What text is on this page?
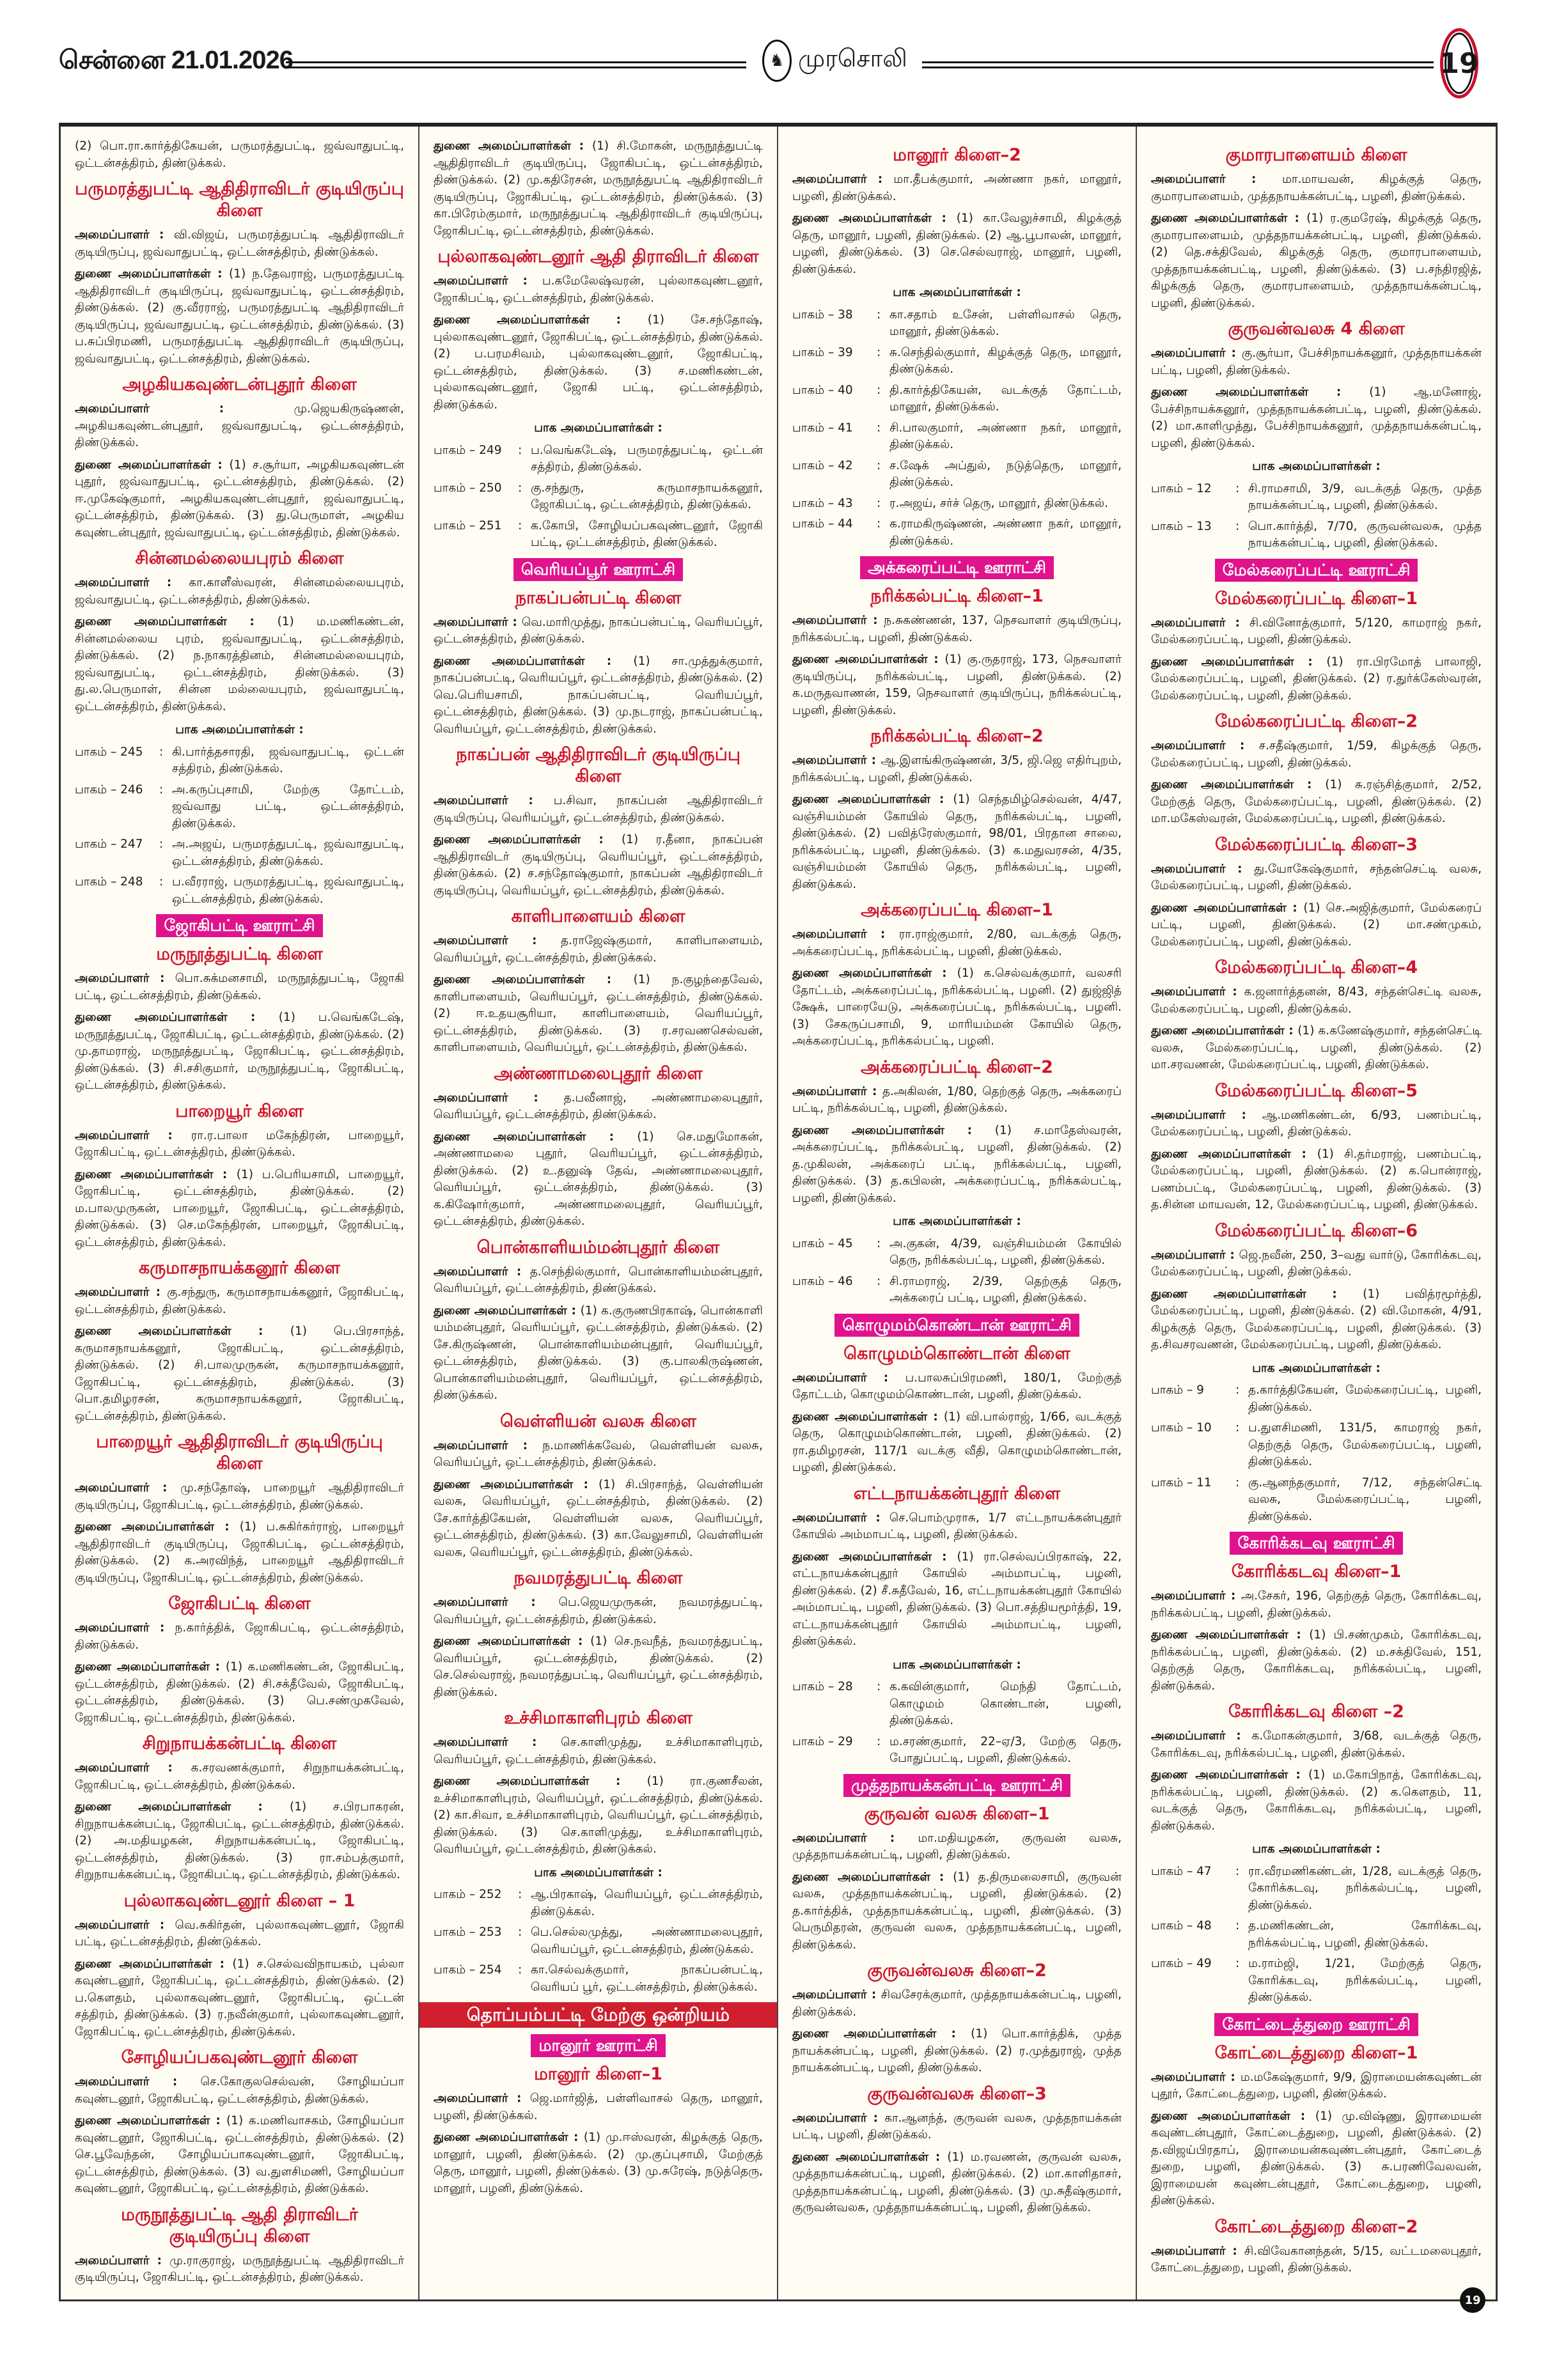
சென்னை 21.01.2026	♞ முரசொலி	19

(2) பொ.ரா.கார்த்திகேயன், பருமரத்துபட்டி, ஜவ்வாதுபட்டி, ஒட்டன்சத்திரம், திண்டுக்கல்.

பருமரத்துபட்டி ஆதிதிராவிடர் குடியிருப்பு கிளை

அமைப்பாளர் : வி.விஜய், பருமரத்துபட்டி ஆதிதிராவிடர் குடியிருப்பு, ஜவ்வாதுபட்டி, ஒட்டன்சத்திரம், திண்டுக்கல்.

துணை அமைப்பாளர்கள் : (1) ந.தேவராஜ், பருமரத்துபட்டி ஆதிதிராவிடர் குடியிருப்பு, ஜவ்வாதுபட்டி, ஒட்டன்சத்திரம், திண்டுக்கல். (2) கு.வீரராஜ், பருமரத்துபட்டி ஆதிதிராவிடர் குடியிருப்பு, ஜவ்வாதுபட்டி, ஒட்டன்சத்திரம், திண்டுக்கல். (3) ப.சுப்பிரமணி, பருமரத்துபட்டி ஆதிதிராவிடர் குடியிருப்பு, ஜவ்வாதுபட்டி, ஒட்டன்சத்திரம், திண்டுக்கல்.

அழகியகவுண்டன்புதூர் கிளை

அமைப்பாளர் : மு.ஜெயகிருஷ்ணன், அழகியகவுண்டன்புதூர், ஜவ்வாதுபட்டி, ஒட்டன்சத்திரம், திண்டுக்கல்.

துணை அமைப்பாளர்கள் : (1) ச.சூர்யா, அழகியகவுண்டன் புதூர், ஜவ்வாதுபட்டி, ஒட்டன்சத்திரம், திண்டுக்கல். (2) ஈ.முகேஷ்குமார், அழகியகவுண்டன்புதூர், ஜவ்வாதுபட்டி, ஒட்டன்சத்திரம், திண்டுக்கல். (3) து.பெருமாள், அழகிய கவுண்டன்புதூர், ஜவ்வாதுபட்டி, ஒட்டன்சத்திரம், திண்டுக்கல்.

சின்னமல்லையபுரம் கிளை

அமைப்பாளர் : கா.காளீஸ்வரன், சின்னமல்லையபுரம், ஜவ்வாதுபட்டி, ஒட்டன்சத்திரம், திண்டுக்கல்.

துணை அமைப்பாளர்கள் : (1) ம.மணிகண்டன், சின்னமல்லைய புரம், ஜவ்வாதுபட்டி, ஒட்டன்சத்திரம், திண்டுக்கல். (2) ந.நாகரத்தினம், சின்னமல்லையபுரம், ஜவ்வாதுபட்டி, ஒட்டன்சத்திரம், திண்டுக்கல். (3) து.ல.பெருமாள், சின்ன மல்லையபுரம், ஜவ்வாதுபட்டி, ஒட்டன்சத்திரம், திண்டுக்கல்.

பாக அமைப்பாளர்கள் :
பாகம் – 245	: கி.பார்த்தசாரதி, ஜவ்வாதுபட்டி, ஒட்டன் சத்திரம், திண்டுக்கல்.
பாகம் – 246	: அ.கருப்புசாமி, மேற்கு தோட்டம், ஜவ்வாது பட்டி, ஒட்டன்சத்திரம், திண்டுக்கல்.
பாகம் – 247	: அ.அஜய், பருமரத்துபட்டி, ஜவ்வாதுபட்டி, ஒட்டன்சத்திரம், திண்டுக்கல்.
பாகம் – 248	: ப.வீரராஜ், பருமரத்துபட்டி, ஜவ்வாதுபட்டி, ஒட்டன்சத்திரம், திண்டுக்கல்.
ஜோகிபட்டி ஊராட்சி
மருநூத்துபட்டி கிளை

அமைப்பாளர் : பொ.சுக்மனசாமி, மருநூத்துபட்டி, ஜோகி பட்டி, ஒட்டன்சத்திரம், திண்டுக்கல்.

துணை அமைப்பாளர்கள் : (1) ப.வெங்கடேஷ், மருநூத்துபட்டி, ஜோகிபட்டி, ஒட்டன்சத்திரம், திண்டுக்கல். (2) மு.தாமராஜ், மருநூத்துபட்டி, ஜோகிபட்டி, ஒட்டன்சத்திரம், திண்டுக்கல். (3) சி.சசிகுமார், மருநூத்துபட்டி, ஜோகிபட்டி, ஒட்டன்சத்திரம், திண்டுக்கல்.

பாறையூர் கிளை

அமைப்பாளர் : ரா.ர.பாலா மகேந்திரன், பாறையூர், ஜோகிபட்டி, ஒட்டன்சத்திரம், திண்டுக்கல்.

துணை அமைப்பாளர்கள் : (1) ப.பெரியசாமி, பாறையூர், ஜோகிபட்டி, ஒட்டன்சத்திரம், திண்டுக்கல். (2) ம.பாலமுருகன், பாறையூர், ஜோகிபட்டி, ஒட்டன்சத்திரம், திண்டுக்கல். (3) செ.மகேந்திரன், பாறையூர், ஜோகிபட்டி, ஒட்டன்சத்திரம், திண்டுக்கல்.

கருமாசநாயக்கனூர் கிளை

அமைப்பாளர் : கு.சந்துரு, கருமாசநாயக்கனூர், ஜோகிபட்டி, ஒட்டன்சத்திரம், திண்டுக்கல்.

துணை அமைப்பாளர்கள் : (1) பெ.பிரசாந்த், கருமாசநாயக்கனூர், ஜோகிபட்டி, ஒட்டன்சத்திரம், திண்டுக்கல். (2) சி.பாலமுருகன், கருமாசநாயக்கனூர், ஜோகிபட்டி, ஒட்டன்சத்திரம், திண்டுக்கல். (3) பொ.தமிழரசன், கருமாசநாயக்கனூர், ஜோகிபட்டி, ஒட்டன்சத்திரம், திண்டுக்கல்.

பாறையூர் ஆதிதிராவிடர் குடியிருப்பு கிளை

அமைப்பாளர் : மு.சந்தோஷ், பாறையூர் ஆதிதிராவிடர் குடியிருப்பு, ஜோகிபட்டி, ஒட்டன்சத்திரம், திண்டுக்கல்.

துணை அமைப்பாளர்கள் : (1) ப.சுகிர்கர்ராஜ், பாறையூர் ஆதிதிராவிடர் குடியிருப்பு, ஜோகிபட்டி, ஒட்டன்சத்திரம், திண்டுக்கல். (2) க.அரவிந்த், பாறையூர் ஆதிதிராவிடர் குடியிருப்பு, ஜோகிபட்டி, ஒட்டன்சத்திரம், திண்டுக்கல்.

ஜோகிபட்டி கிளை

அமைப்பாளர் : ந.கார்த்திக், ஜோகிபட்டி, ஒட்டன்சத்திரம், திண்டுக்கல்.

துணை அமைப்பாளர்கள் : (1) க.மணிகண்டன், ஜோகிபட்டி, ஒட்டன்சத்திரம், திண்டுக்கல். (2) சி.சக்தீவேல், ஜோகிபட்டி, ஒட்டன்சத்திரம், திண்டுக்கல். (3) பெ.சண்முகவேல், ஜோகிபட்டி, ஒட்டன்சத்திரம், திண்டுக்கல்.

சிறுநாயக்கன்பட்டி கிளை

அமைப்பாளர் : க.சரவணக்குமார், சிறுநாயக்கன்பட்டி, ஜோகிபட்டி, ஒட்டன்சத்திரம், திண்டுக்கல்.

துணை அமைப்பாளர்கள் : (1) ச.பிரபாகரன், சிறுநாயக்கன்பட்டி, ஜோகிபட்டி, ஒட்டன்சத்திரம், திண்டுக்கல். (2) அ.மதியழகன், சிறுநாயக்கன்பட்டி, ஜோகிபட்டி, ஒட்டன்சத்திரம், திண்டுக்கல். (3) ரா.சம்பத்குமார், சிறுநாயக்கன்பட்டி, ஜோகிபட்டி, ஒட்டன்சத்திரம், திண்டுக்கல்.

புல்லாகவுண்டனூர் கிளை – 1

அமைப்பாளர் : வெ.சுகிர்தன், புல்லாகவுண்டனூர், ஜோகி பட்டி, ஒட்டன்சத்திரம், திண்டுக்கல்.

துணை அமைப்பாளர்கள் : (1) ச.செல்வவிநாயகம், புல்லா கவுண்டனூர், ஜோகிபட்டி, ஒட்டன்சத்திரம், திண்டுக்கல். (2) ப.கௌதம், புல்லாகவுண்டனூர், ஜோகிபட்டி, ஒட்டன் சத்திரம், திண்டுக்கல். (3) ர.நவீன்குமார், புல்லாகவுண்டனூர், ஜோகிபட்டி, ஒட்டன்சத்திரம், திண்டுக்கல்.

சோழியப்பகவுண்டனூர் கிளை

அமைப்பாளர் : செ.கோகுலசெல்வன், சோழியப்பா கவுண்டனூர், ஜோகிபட்டி, ஒட்டன்சத்திரம், திண்டுக்கல்.

துணை அமைப்பாளர்கள் : (1) க.மணிவாசகம், சோழியப்பா கவுண்டனூர், ஜோகிபட்டி, ஒட்டன்சத்திரம், திண்டுக்கல். (2) செ.பூவேந்தன், சோழியப்பாகவுண்டனூர், ஜோகிபட்டி, ஒட்டன்சத்திரம், திண்டுக்கல். (3) வ.துளசிமணி, சோழியப்பா கவுண்டனூர், ஜோகிபட்டி, ஒட்டன்சத்திரம், திண்டுக்கல்.

மருநூத்துபட்டி ஆதி திராவிடர் குடியிருப்பு கிளை

அமைப்பாளர் : மு.ராகுராஜ், மருநூத்துபட்டி ஆதிதிராவிடர் குடியிருப்பு, ஜோகிபட்டி, ஒட்டன்சத்திரம், திண்டுக்கல்.

துணை அமைப்பாளர்கள் : (1) சி.மோகன், மருநூத்துபட்டி ஆதிதிராவிடர் குடியிருப்பு, ஜோகிபட்டி, ஒட்டன்சத்திரம், திண்டுக்கல். (2) மு.கதிரேசன், மருநூத்துபட்டி ஆதிதிராவிடர் குடியிருப்பு, ஜோகிபட்டி, ஒட்டன்சத்திரம், திண்டுக்கல். (3) கா.பிரேம்குமார், மருநூத்துபட்டி ஆதிதிராவிடர் குடியிருப்பு, ஜோகிபட்டி, ஒட்டன்சத்திரம், திண்டுக்கல்.

புல்லாகவுண்டனூர் ஆதி திராவிடர் கிளை

அமைப்பாளர் : ப.கமேலேஷ்வரன், புல்லாகவுண்டனூர், ஜோகிபட்டி, ஒட்டன்சத்திரம், திண்டுக்கல்.

துணை அமைப்பாளர்கள் : (1) சே.சந்தோஷ், புல்லாகவுண்டனூர், ஜோகிபட்டி, ஒட்டன்சத்திரம், திண்டுக்கல். (2) ப.பரமசிவம், புல்லாகவுண்டனூர், ஜோகிபட்டி, ஒட்டன்சத்திரம், திண்டுக்கல். (3) ச.மணிகண்டன், புல்லாகவுண்டனூர், ஜோகி பட்டி, ஒட்டன்சத்திரம், திண்டுக்கல்.

பாக அமைப்பாளர்கள் :
பாகம் – 249	: ப.வெங்கடேஷ், பருமரத்துபட்டி, ஒட்டன் சத்திரம், திண்டுக்கல்.
பாகம் – 250	: கு.சந்துரு, கருமாசநாயக்கனூர், ஜோகிபட்டி, ஒட்டன்சத்திரம், திண்டுக்கல்.
பாகம் – 251	: க.கோபி, சோழியப்பகவுண்டனூர், ஜோகி பட்டி, ஒட்டன்சத்திரம், திண்டுக்கல்.
வெரியப்பூர் ஊராட்சி
நாகப்பன்பட்டி கிளை

அமைப்பாளர் : வெ.மாரிமுத்து, நாகப்பன்பட்டி, வெரியப்பூர், ஒட்டன்சத்திரம், திண்டுக்கல்.

துணை அமைப்பாளர்கள் : (1) சா.முத்துக்குமார், நாகப்பன்பட்டி, வெரியப்பூர், ஒட்டன்சத்திரம், திண்டுக்கல். (2) வெ.பெரியசாமி, நாகப்பன்பட்டி, வெரியப்பூர், ஒட்டன்சத்திரம், திண்டுக்கல். (3) மு.நடராஜ், நாகப்பன்பட்டி, வெரியப்பூர், ஒட்டன்சத்திரம், திண்டுக்கல்.

நாகப்பன் ஆதிதிராவிடர் குடியிருப்பு கிளை

அமைப்பாளர் : ப.சிவா, நாகப்பன் ஆதிதிராவிடர் குடியிருப்பு, வெரியப்பூர், ஒட்டன்சத்திரம், திண்டுக்கல்.

துணை அமைப்பாளர்கள் : (1) ர.தீனா, நாகப்பன் ஆதிதிராவிடர் குடியிருப்பு, வெரியப்பூர், ஒட்டன்சத்திரம், திண்டுக்கல். (2) ச.சந்தோஷ்குமார், நாகப்பன் ஆதிதிராவிடர் குடியிருப்பு, வெரியப்பூர், ஒட்டன்சத்திரம், திண்டுக்கல்.

காளிபாளையம் கிளை

அமைப்பாளர் : த.ராஜேஷ்குமார், காளிபாளையம், வெரியப்பூர், ஒட்டன்சத்திரம், திண்டுக்கல்.

துணை அமைப்பாளர்கள் : (1) ந.குழந்தைவேல், காளிபாளையம், வெரியப்பூர், ஒட்டன்சத்திரம், திண்டுக்கல். (2) ஈ.உதயசூரியா, காளிபாளையம், வெரியப்பூர், ஒட்டன்சத்திரம், திண்டுக்கல். (3) ர.சரவணசெல்வன், காளிபாளையம், வெரியப்பூர், ஒட்டன்சத்திரம், திண்டுக்கல்.

அண்ணாமலைபுதூர் கிளை

அமைப்பாளர் : த.பவீனாஜ், அண்ணாமலைபுதூர், வெரியப்பூர், ஒட்டன்சத்திரம், திண்டுக்கல்.

துணை அமைப்பாளர்கள் : (1) செ.மதுமோகன், அண்ணாமலை புதூர், வெரியப்பூர், ஒட்டன்சத்திரம், திண்டுக்கல். (2) உ.தனுஷ் தேவ், அண்ணாமலைபுதூர், வெரியப்பூர், ஒட்டன்சத்திரம், திண்டுக்கல். (3) க.கிஷோர்குமார், அண்ணாமலைபுதூர், வெரியப்பூர், ஒட்டன்சத்திரம், திண்டுக்கல்.

பொன்காளியம்மன்புதூர் கிளை

அமைப்பாளர் : த.செந்தில்குமார், பொன்காளியம்மன்புதூர், வெரியப்பூர், ஒட்டன்சத்திரம், திண்டுக்கல்.

துணை அமைப்பாளர்கள் : (1) க.குருணபிரகாஷ், பொன்காளி யம்மன்புதூர், வெரியப்பூர், ஒட்டன்சத்திரம், திண்டுக்கல். (2) சே.கிருஷ்ணன், பொன்காளியம்மன்புதூர், வெரியப்பூர், ஒட்டன்சத்திரம், திண்டுக்கல். (3) கு.பாலகிருஷ்ணன், பொன்காளியம்மன்புதூர், வெரியப்பூர், ஒட்டன்சத்திரம், திண்டுக்கல்.

வெள்ளியன் வலசு கிளை

அமைப்பாளர் : ந.மாணிக்கவேல், வெள்ளியன் வலசு, வெரியப்பூர், ஒட்டன்சத்திரம், திண்டுக்கல்.

துணை அமைப்பாளர்கள் : (1) சி.பிரசாந்த், வெள்ளியன் வலசு, வெரியப்பூர், ஒட்டன்சத்திரம், திண்டுக்கல். (2) சே.கார்த்திகேயன், வெள்ளியன் வலசு, வெரியப்பூர், ஒட்டன்சத்திரம், திண்டுக்கல். (3) கா.வேலுசாமி, வெள்ளியன் வலசு, வெரியப்பூர், ஒட்டன்சத்திரம், திண்டுக்கல்.

நவமரத்துபட்டி கிளை

அமைப்பாளர் : பெ.ஜெயமுருகன், நவமரத்துபட்டி, வெரியப்பூர், ஒட்டன்சத்திரம், திண்டுக்கல்.

துணை அமைப்பாளர்கள் : (1) செ.நவநீத், நவமரத்துபட்டி, வெரியப்பூர், ஒட்டன்சத்திரம், திண்டுக்கல். (2) செ.செல்வராஜ், நவமரத்துபட்டி, வெரியப்பூர், ஒட்டன்சத்திரம், திண்டுக்கல்.

உச்சிமாகாளிபுரம் கிளை

அமைப்பாளர் : செ.காளிமுத்து, உச்சிமாகாளிபுரம், வெரியப்பூர், ஒட்டன்சத்திரம், திண்டுக்கல்.

துணை அமைப்பாளர்கள் : (1) ரா.குணசீலன், உச்சிமாகாளிபுரம், வெரியப்பூர், ஒட்டன்சத்திரம், திண்டுக்கல். (2) கா.சிவா, உச்சிமாகாளிபுரம், வெரியப்பூர், ஒட்டன்சத்திரம், திண்டுக்கல். (3) செ.காளிமுத்து, உச்சிமாகாளிபுரம், வெரியப்பூர், ஒட்டன்சத்திரம், திண்டுக்கல்.

பாக அமைப்பாளர்கள் :
பாகம் – 252	: ஆ.பிரகாஷ், வெரியப்பூர், ஒட்டன்சத்திரம், திண்டுக்கல்.
பாகம் – 253	: பெ.செல்லமுத்து, அண்ணாமலைபுதூர், வெரியப்பூர், ஒட்டன்சத்திரம், திண்டுக்கல்.
பாகம் – 254	: கா.செல்வக்குமார், நாகப்பன்பட்டி, வெரியப் பூர், ஒட்டன்சத்திரம், திண்டுக்கல்.
தொப்பம்பட்டி மேற்கு ஒன்றியம்
மானூர் ஊராட்சி
மானூர் கிளை–1

அமைப்பாளர் : ஜெ.மார்ஜித், பள்ளிவாசல் தெரு, மானூர், பழனி, திண்டுக்கல்.

துணை அமைப்பாளர்கள் : (1) மு.ஈஸ்வரன், கிழக்குத் தெரு, மானூர், பழனி, திண்டுக்கல். (2) மு.குப்புசாமி, மேற்குத் தெரு, மானூர், பழனி, திண்டுக்கல். (3) மு.சுரேஷ், நடுத்தெரு, மானூர், பழனி, திண்டுக்கல்.

மானூர் கிளை–2

அமைப்பாளர் : மா.தீபக்குமார், அண்ணா நகர், மானூர், பழனி, திண்டுக்கல்.

துணை அமைப்பாளர்கள் : (1) கா.வேலுச்சாமி, கிழக்குத் தெரு, மானூர், பழனி, திண்டுக்கல். (2) ஆ.பூபாலன், மானூர், பழனி, திண்டுக்கல். (3) செ.செல்வராஜ், மானூர், பழனி, திண்டுக்கல்.

பாக அமைப்பாளர்கள் :
பாகம் – 38	: கா.சதாம் உசேன், பள்ளிவாசல் தெரு, மானூர், திண்டுக்கல்.
பாகம் – 39	: சு.செந்தில்குமார், கிழக்குத் தெரு, மானூர், திண்டுக்கல்.
பாகம் – 40	: தி.கார்த்திகேயன், வடக்குத் தோட்டம், மானூர், திண்டுக்கல்.
பாகம் – 41	: சி.பாலகுமார், அண்ணா நகர், மானூர், திண்டுக்கல்.
பாகம் – 42	: ச.ஷேக் அப்துல், நடுத்தெரு, மானூர், திண்டுக்கல்.
பாகம் – 43	: ர.அஜய், சர்ச் தெரு, மானூர், திண்டுக்கல்.
பாகம் – 44	: க.ராமகிருஷ்ணன், அண்ணா நகர், மானூர், திண்டுக்கல்.
அக்கரைப்பட்டி ஊராட்சி
நரிக்கல்பட்டி கிளை–1

அமைப்பாளர் : ந.சுகண்ணன், 137, நெசவாளர் குடியிருப்பு, நரிக்கல்பட்டி, பழனி, திண்டுக்கல்.

துணை அமைப்பாளர்கள் : (1) கு.ருதராஜ், 173, நெசவாளர் குடியிருப்பு, நரிக்கல்பட்டி, பழனி, திண்டுக்கல். (2) க.மருதவாணன், 159, நெசவாளர் குடியிருப்பு, நரிக்கல்பட்டி, பழனி, திண்டுக்கல்.

நரிக்கல்பட்டி கிளை–2

அமைப்பாளர் : ஆ.இளங்கிருஷ்ணன், 3/5, ஜி.ஜெ எதிர்புறம், நரிக்கல்பட்டி, பழனி, திண்டுக்கல்.

துணை அமைப்பாளர்கள் : (1) செந்தமிழ்செல்வன், 4/47, வஞ்சியம்மன் கோயில் தெரு, நரிக்கல்பட்டி, பழனி, திண்டுக்கல். (2) பவித்ரேஸ்குமார், 98/01, பிரதான சாலை, நரிக்கல்பட்டி, பழனி, திண்டுக்கல். (3) க.மதுவரசன், 4/35, வஞ்சியம்மன் கோயில் தெரு, நரிக்கல்பட்டி, பழனி, திண்டுக்கல்.

அக்கரைப்பட்டி கிளை–1

அமைப்பாளர் : ரா.ராஜ்குமார், 2/80, வடக்குத் தெரு, அக்கரைப்பட்டி, நரிக்கல்பட்டி, பழனி, திண்டுக்கல்.

துணை அமைப்பாளர்கள் : (1) க.செல்வக்குமார், வலசரி தோட்டம், அக்கரைப்பட்டி, நரிக்கல்பட்டி, பழனி. (2) துஜ்ஜித் க்ஷேக், பாரையேடு, அக்கரைப்பட்டி, நரிக்கல்பட்டி, பழனி. (3) சேகருப்பசாமி, 9, மாரியம்மன் கோயில் தெரு, அக்கரைப்பட்டி, நரிக்கல்பட்டி, பழனி.

அக்கரைப்பட்டி கிளை–2

அமைப்பாளர் : த.அகிலன், 1/80, தெற்குத் தெரு, அக்கரைப் பட்டி, நரிக்கல்பட்டி, பழனி, திண்டுக்கல்.

துணை அமைப்பாளர்கள் : (1) ச.மாதேஸ்வரன், அக்கரைப்பட்டி, நரிக்கல்பட்டி, பழனி, திண்டுக்கல். (2) த.முகிலன், அக்கரைப் பட்டி, நரிக்கல்பட்டி, பழனி, திண்டுக்கல். (3) த.கபிலன், அக்கரைப்பட்டி, நரிக்கல்பட்டி, பழனி, திண்டுக்கல்.

பாக அமைப்பாளர்கள் :
பாகம் – 45	: அ.குகன், 4/39, வஞ்சியம்மன் கோயில் தெரு, நரிக்கல்பட்டி, பழனி, திண்டுக்கல்.
பாகம் – 46	: சி.ராமராஜ், 2/39, தெற்குத் தெரு, அக்கரைப் பட்டி, பழனி, திண்டுக்கல்.
கொழுமம்கொண்டான் ஊராட்சி
கொழுமம்கொண்டான் கிளை

அமைப்பாளர் : ப.பாலசுப்பிரமணி, 180/1, மேற்குத் தோட்டம், கொழுமம்கொண்டான், பழனி, திண்டுக்கல்.

துணை அமைப்பாளர்கள் : (1) வி.பால்ராஜ், 1/66, வடக்குத் தெரு, கொழுமம்கொண்டான், பழனி, திண்டுக்கல். (2) ரா.தமிழரசன், 117/1 வடக்கு வீதி, கொழுமம்கொண்டான், பழனி, திண்டுக்கல்.

எட்டநாயக்கன்புதூர் கிளை

அமைப்பாளர் : செ.பொம்முராசு, 1/7 எட்டநாயக்கன்புதூர் கோயில் அம்மாபட்டி, பழனி, திண்டுக்கல்.

துணை அமைப்பாளர்கள் : (1) ரா.செல்வப்பிரகாஷ், 22, எட்டநாயக்கன்புதூர் கோயில் அம்மாபட்டி, பழனி, திண்டுக்கல். (2) சீ.சுதீவேல், 16, எட்டநாயக்கன்புதூர் கோயில் அம்மாபட்டி, பழனி, திண்டுக்கல். (3) பொ.சத்தியமூர்த்தி, 19, எட்டநாயக்கன்புதூர் கோயில் அம்மாபட்டி, பழனி, திண்டுக்கல்.

பாக அமைப்பாளர்கள் :
பாகம் – 28	: க.கவின்குமார், மெந்தி தோட்டம், கொழுமம் கொண்டான், பழனி, திண்டுக்கல்.
பாகம் – 29	: ம.சரண்குமார், 22–ஏ/3, மேற்கு தெரு, போதுப்பட்டி, பழனி, திண்டுக்கல்.
முத்தநாயக்கன்பட்டி ஊராட்சி
குருவன் வலசு கிளை–1

அமைப்பாளர் : மா.மதியழகன், குருவன் வலசு, முத்தநாயக்கன்பட்டி, பழனி, திண்டுக்கல்.

துணை அமைப்பாளர்கள் : (1) த.திருமலைசாமி, குருவன் வலசு, முத்தநாயக்கன்பட்டி, பழனி, திண்டுக்கல். (2) த.கார்த்திக், முத்தநாயக்கன்பட்டி, பழனி, திண்டுக்கல். (3) பெருமிதரன், குருவன் வலசு, முத்தநாயக்கன்பட்டி, பழனி, திண்டுக்கல்.

குருவன்வலசு கிளை–2

அமைப்பாளர் : சிவசேரக்குமார், முத்தநாயக்கன்பட்டி, பழனி, திண்டுக்கல்.

துணை அமைப்பாளர்கள் : (1) பொ.கார்த்திக், முத்த நாயக்கன்பட்டி, பழனி, திண்டுக்கல். (2) ர.முத்துராஜ், முத்த நாயக்கன்பட்டி, பழனி, திண்டுக்கல்.

குருவன்வலசு கிளை–3

அமைப்பாளர் : கா.ஆனந்த், குருவன் வலசு, முத்தநாயக்கன் பட்டி, பழனி, திண்டுக்கல்.

துணை அமைப்பாளர்கள் : (1) ம.ரவணன், குருவன் வலசு, முத்தநாயக்கன்பட்டி, பழனி, திண்டுக்கல். (2) மா.காளிதாசர், முத்தநாயக்கன்பட்டி, பழனி, திண்டுக்கல். (3) மு.சுதீஷ்குமார், குருவன்வலசு, முத்தநாயக்கன்பட்டி, பழனி, திண்டுக்கல்.

குமாரபாளையம் கிளை

அமைப்பாளர் : மா.மாயவன், கிழக்குத் தெரு, குமாரபாளையம், முத்தநாயக்கன்பட்டி, பழனி, திண்டுக்கல்.

துணை அமைப்பாளர்கள் : (1) ர.குமரேஷ், கிழக்குத் தெரு, குமாரபாளையம், முத்தநாயக்கன்பட்டி, பழனி, திண்டுக்கல். (2) தெ.சக்திவேல், கிழக்குத் தெரு, குமாரபாளையம், முத்தநாயக்கன்பட்டி, பழனி, திண்டுக்கல். (3) ப.சந்திரஜித், கிழக்குத் தெரு, குமாரபாளையம், முத்தநாயக்கன்பட்டி, பழனி, திண்டுக்கல்.

குருவன்வலசு 4 கிளை

அமைப்பாளர் : கு.சூர்யா, பேச்சிநாயக்கனூர், முத்தநாயக்கன் பட்டி, பழனி, திண்டுக்கல்.

துணை அமைப்பாளர்கள் : (1) ஆ.மனோஜ், பேச்சிநாயக்கனூர், முத்தநாயக்கன்பட்டி, பழனி, திண்டுக்கல். (2) மா.காளிமுத்து, பேச்சிநாயக்கனூர், முத்தநாயக்கன்பட்டி, பழனி, திண்டுக்கல்.

பாக அமைப்பாளர்கள் :
பாகம் – 12	: சி.ராமசாமி, 3/9, வடக்குத் தெரு, முத்த நாயக்கன்பட்டி, பழனி, திண்டுக்கல்.
பாகம் – 13	: பொ.கார்த்தி, 7/70, குருவன்வலசு, முத்த நாயக்கன்பட்டி, பழனி, திண்டுக்கல்.
மேல்கரைப்பட்டி ஊராட்சி
மேல்கரைப்பட்டி கிளை–1

அமைப்பாளர் : சி.வினோத்குமார், 5/120, காமராஜ் நகர், மேல்கரைப்பட்டி, பழனி, திண்டுக்கல்.

துணை அமைப்பாளர்கள் : (1) ரா.பிரமோத் பாலாஜி, மேல்கரைப்பட்டி, பழனி, திண்டுக்கல். (2) ர.துர்க்கேஸ்வரன், மேல்கரைப்பட்டி, பழனி, திண்டுக்கல்.

மேல்கரைப்பட்டி கிளை–2

அமைப்பாளர் : ச.சதீஷ்குமார், 1/59, கிழக்குத் தெரு, மேல்கரைப்பட்டி, பழனி, திண்டுக்கல்.

துணை அமைப்பாளர்கள் : (1) சு.ரஞ்சித்குமார், 2/52, மேற்குத் தெரு, மேல்கரைப்பட்டி, பழனி, திண்டுக்கல். (2) மா.மகேஸ்வரன், மேல்கரைப்பட்டி, பழனி, திண்டுக்கல்.

மேல்கரைப்பட்டி கிளை–3

அமைப்பாளர் : து.யோகேஷ்குமார், சந்தன்செட்டி வலசு, மேல்கரைப்பட்டி, பழனி, திண்டுக்கல்.

துணை அமைப்பாளர்கள் : (1) செ.அஜித்குமார், மேல்கரைப் பட்டி, பழனி, திண்டுக்கல். (2) மா.சண்முகம், மேல்கரைப்பட்டி, பழனி, திண்டுக்கல்.

மேல்கரைப்பட்டி கிளை–4

அமைப்பாளர் : க.ஜனார்த்தனன், 8/43, சந்தன்செட்டி வலசு, மேல்கரைப்பட்டி, பழனி, திண்டுக்கல்.

துணை அமைப்பாளர்கள் : (1) க.கணேஷ்குமார், சந்தன்செட்டி வலசு, மேல்கரைப்பட்டி, பழனி, திண்டுக்கல். (2) மா.சரவணன், மேல்கரைப்பட்டி, பழனி, திண்டுக்கல்.

மேல்கரைப்பட்டி கிளை–5

அமைப்பாளர் : ஆ.மணிகண்டன், 6/93, பணம்பட்டி, மேல்கரைப்பட்டி, பழனி, திண்டுக்கல்.

துணை அமைப்பாளர்கள் : (1) சி.தர்மராஜ், பணம்பட்டி, மேல்கரைப்பட்டி, பழனி, திண்டுக்கல். (2) க.பொன்ராஜ், பணம்பட்டி, மேல்கரைப்பட்டி, பழனி, திண்டுக்கல். (3) த.சின்ன மாயவன், 12, மேல்கரைப்பட்டி, பழனி, திண்டுக்கல்.

மேல்கரைப்பட்டி கிளை–6

அமைப்பாளர் : ஜெ.நவீன், 250, 3–வது வார்டு, கோரிக்கடவு, மேல்கரைப்பட்டி, பழனி, திண்டுக்கல்.

துணை அமைப்பாளர்கள் : (1) பவித்ரமூர்த்தி, மேல்கரைப்பட்டி, பழனி, திண்டுக்கல். (2) வி.மோகன், 4/91, கிழக்குத் தெரு, மேல்கரைப்பட்டி, பழனி, திண்டுக்கல். (3) த.சிவசரவணன், மேல்கரைப்பட்டி, பழனி, திண்டுக்கல்.

பாக அமைப்பாளர்கள் :
பாகம் – 9	: த.கார்த்திகேயன், மேல்கரைப்பட்டி, பழனி, திண்டுக்கல்.
பாகம் – 10	: ப.துளசிமணி, 131/5, காமராஜ் நகர், தெற்குத் தெரு, மேல்கரைப்பட்டி, பழனி, திண்டுக்கல்.
பாகம் – 11	: கு.ஆனந்தகுமார், 7/12, சந்தன்செட்டி வலசு, மேல்கரைப்பட்டி, பழனி, திண்டுக்கல்.
கோரிக்கடவு ஊராட்சி
கோரிக்கடவு கிளை–1

அமைப்பாளர் : அ.சேகர், 196, தெற்குத் தெரு, கோரிக்கடவு, நரிக்கல்பட்டி, பழனி, திண்டுக்கல்.

துணை அமைப்பாளர்கள் : (1) பி.சண்முகம், கோரிக்கடவு, நரிக்கல்பட்டி, பழனி, திண்டுக்கல். (2) ம.சக்திவேல், 151, தெற்குத் தெரு, கோரிக்கடவு, நரிக்கல்பட்டி, பழனி, திண்டுக்கல்.

கோரிக்கடவு கிளை –2

அமைப்பாளர் : க.மோகன்குமார், 3/68, வடக்குத் தெரு, கோரிக்கடவு, நரிக்கல்பட்டி, பழனி, திண்டுக்கல்.

துணை அமைப்பாளர்கள் : (1) ம.கோபிநாத், கோரிக்கடவு, நரிக்கல்பட்டி, பழனி, திண்டுக்கல். (2) க.கௌதம், 11, வடக்குத் தெரு, கோரிக்கடவு, நரிக்கல்பட்டி, பழனி, திண்டுக்கல்.

பாக அமைப்பாளர்கள் :
பாகம் – 47	: ரா.வீரமணிகண்டன், 1/28, வடக்குத் தெரு, கோரிக்கடவு, நரிக்கல்பட்டி, பழனி, திண்டுக்கல்.
பாகம் – 48	: த.மணிகண்டன், கோரிக்கடவு, நரிக்கல்பட்டி, பழனி, திண்டுக்கல்.
பாகம் – 49	: ம.ராம்ஜி, 1/21, மேற்குத் தெரு, கோரிக்கடவு, நரிக்கல்பட்டி, பழனி, திண்டுக்கல்.
கோட்டைத்துறை ஊராட்சி
கோட்டைத்துறை கிளை–1

அமைப்பாளர் : ம.மகேஷ்குமார், 9/9, இராமையன்கவுண்டன் புதூர், கோட்டைத்துறை, பழனி, திண்டுக்கல்.

துணை அமைப்பாளர்கள் : (1) மு.விஷ்ணு, இராமையன் கவுண்டன்புதூர், கோட்டைத்துறை, பழனி, திண்டுக்கல். (2) த.விஜய்பிரதாப், இராமையன்கவுண்டன்புதூர், கோட்டைத் துறை, பழனி, திண்டுக்கல். (3) சு.பரணிவேலவன், இராமையன் கவுண்டன்புதூர், கோட்டைத்துறை, பழனி, திண்டுக்கல்.

கோட்டைத்துறை கிளை–2

அமைப்பாளர் : சி.விவேகானந்தன், 5/15, வட்டமலைபுதூர், கோட்டைத்துறை, பழனி, திண்டுக்கல்.

19
